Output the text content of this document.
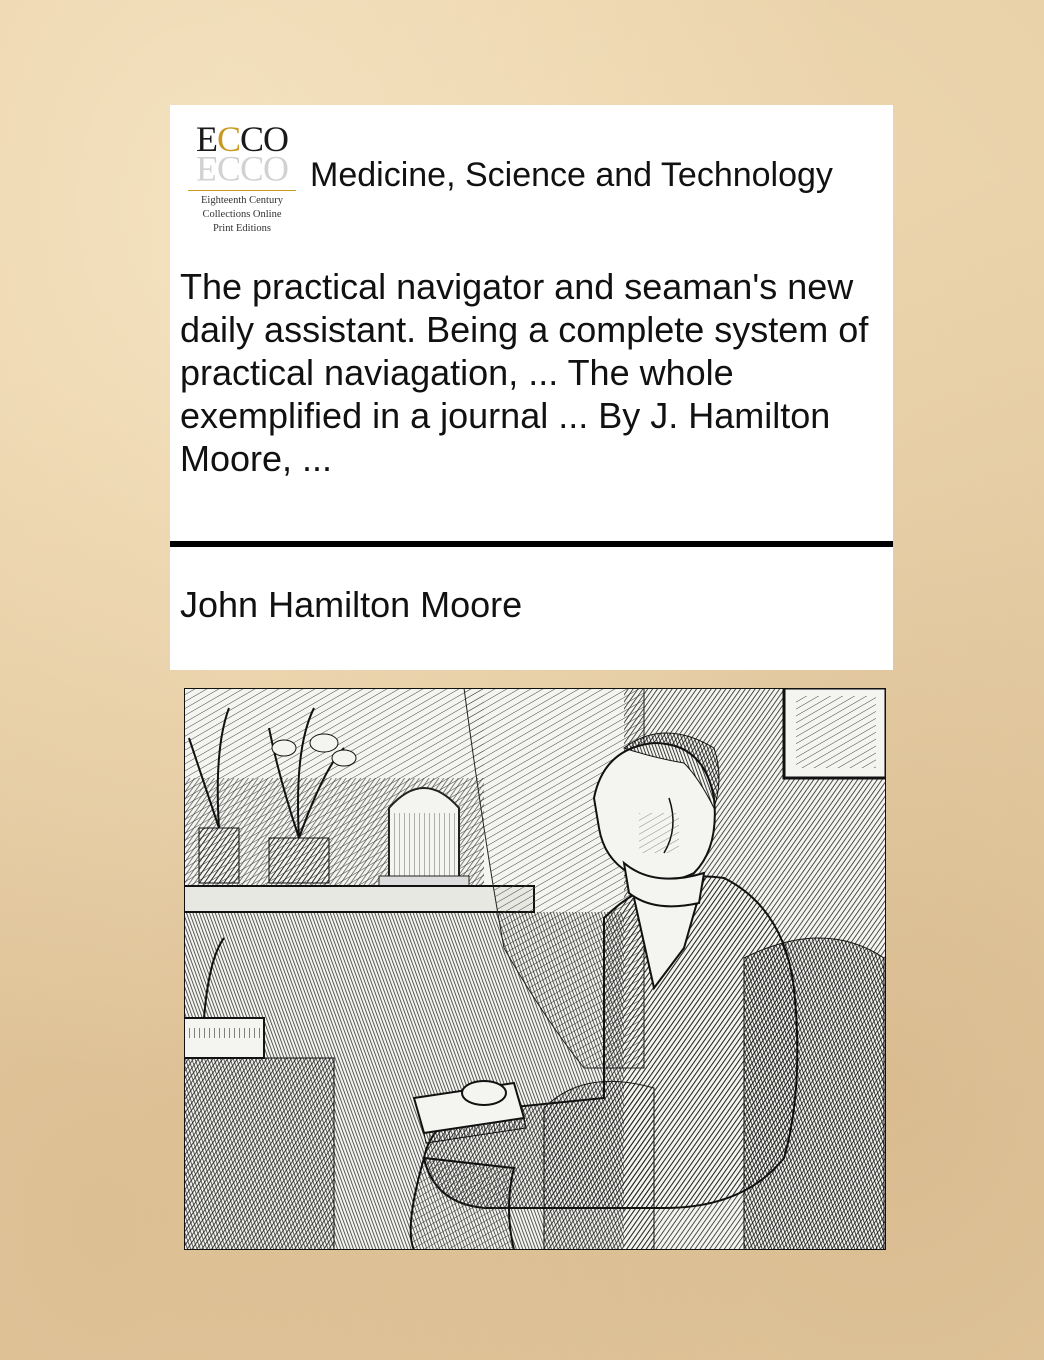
ECCO
ECCO
Eighteenth Century
Collections Online
Print Editions
Medicine, Science and Technology
The practical navigator and seaman's new daily assistant. Being a complete system of practical naviagation, ... The whole exemplified in a journal ... By J. Hamilton Moore, ...
John Hamilton Moore
